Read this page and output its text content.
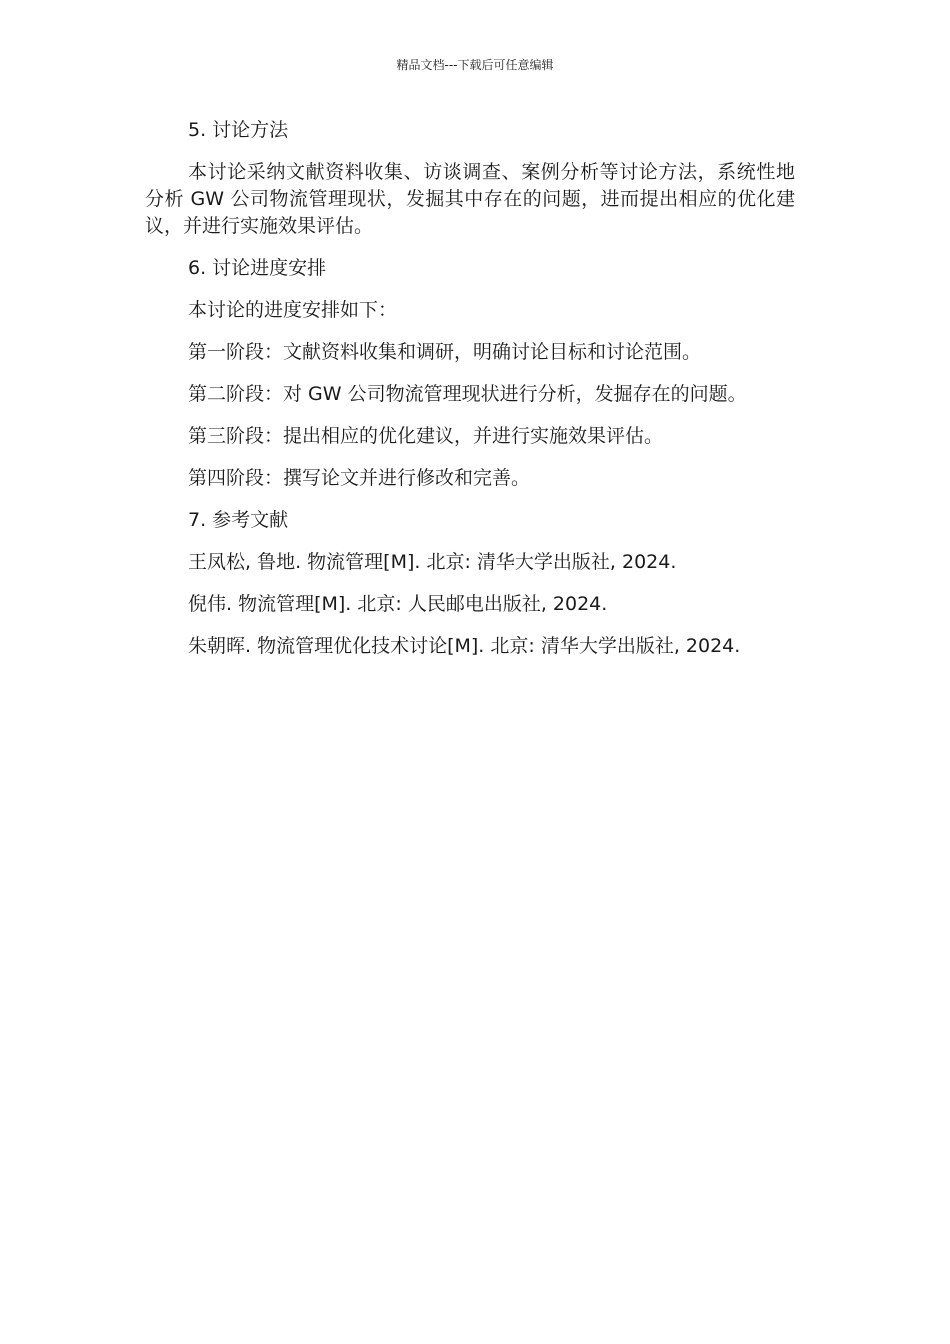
精品文档---下载后可任意编辑
5. 讨论方法

本讨论采纳文献资料收集、访谈调查、案例分析等讨论方法，系统性地分析 GW 公司物流管理现状，发掘其中存在的问题，进而提出相应的优化建议，并进行实施效果评估。

6. 讨论进度安排
本讨论的进度安排如下：
第一阶段：文献资料收集和调研，明确讨论目标和讨论范围。
第二阶段：对 GW 公司物流管理现状进行分析，发掘存在的问题。
第三阶段：提出相应的优化建议，并进行实施效果评估。
第四阶段：撰写论文并进行修改和完善。
7. 参考文献
王凤松, 鲁地. 物流管理[M]. 北京: 清华大学出版社, 2024.
倪伟. 物流管理[M]. 北京: 人民邮电出版社, 2024.
朱朝晖. 物流管理优化技术讨论[M]. 北京: 清华大学出版社, 2024.
